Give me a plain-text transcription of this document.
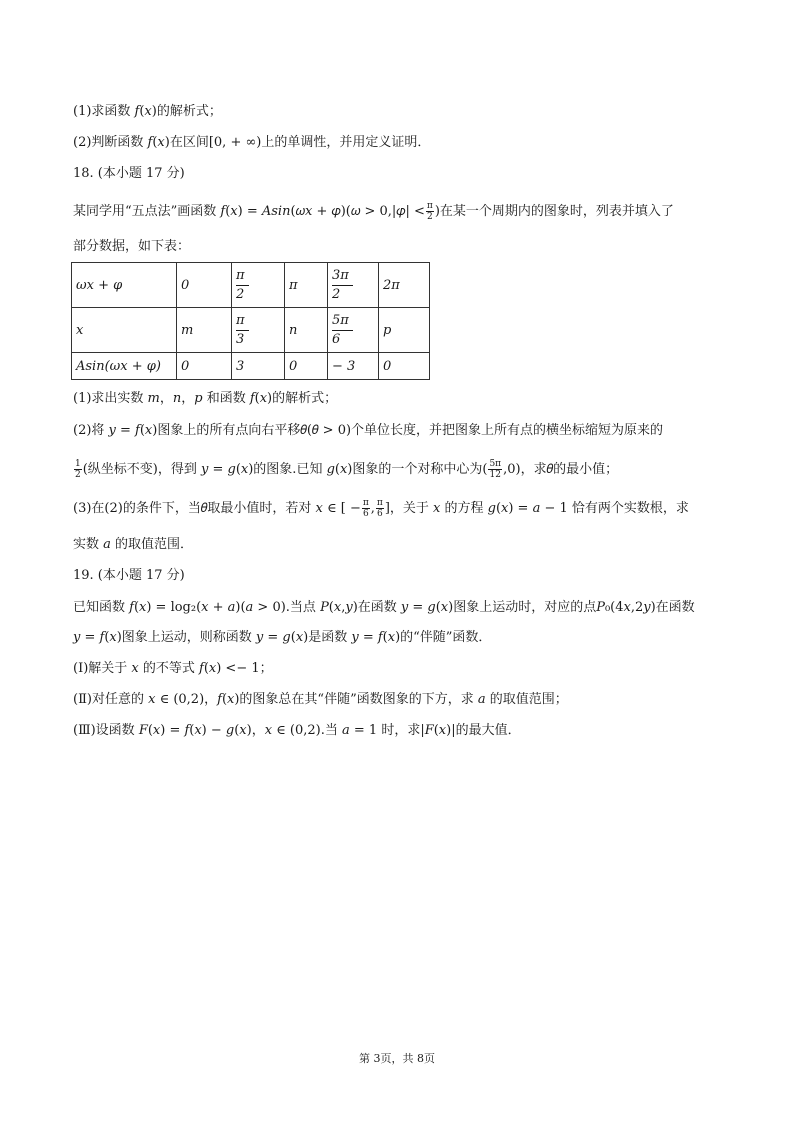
(1)求函数 𝑓(𝑥)的解析式；
(2)判断函数 𝑓(𝑥)在区间[0, + ∞)上的单调性，并用定义证明．
18. (本小题 17 分)
某同学用“五点法”画函数 𝑓(𝑥) = 𝐴𝑠𝑖𝑛(𝜔𝑥 + 𝜑)(𝜔 > 0,|𝜑| < $\frac{\pi}{2}$ )在某一个周期内的图象时，列表并填入了
部分数据，如下表：
𝜔𝑥 + 𝜑	0	$\frac{\pi}{2}$	π	$\frac{3\pi}{2}$	2π
𝑥	𝑚	$\frac{\pi}{3}$	𝑛	$\frac{5\pi}{6}$	𝑝
𝐴𝑠𝑖𝑛(𝜔𝑥 + 𝜑)	0	3	0	− 3	0
(1)求出实数 𝑚，𝑛，𝑝 和函数 𝑓(𝑥)的解析式；
(2)将 𝑦 = 𝑓(𝑥)图象上的所有点向右平移𝜃(𝜃 > 0)个单位长度，并把图象上所有点的横坐标缩短为原来的
$\frac{1}{2}$ (纵坐标不变)，得到 𝑦 = 𝑔(𝑥)的图象.已知 𝑔(𝑥)图象的一个对称中心为( $\frac{5\pi}{12} ,0$)，求𝜃的最小值；
(3)在(2)的条件下，当𝜃取最小值时，若对 𝑥 ∈ [ − $\frac{\pi}{6}$ , $\frac{\pi}{6}$ ]，关于 𝑥 的方程 𝑔(𝑥) = 𝑎 − 1 恰有两个实数根，求
实数 𝑎 的取值范围．
19. (本小题 17 分)
已知函数 𝑓(𝑥) = log₂(𝑥 + 𝑎)(𝑎 > 0).当点 𝑃(𝑥,𝑦)在函数 𝑦 = 𝑔(𝑥)图象上运动时，对应的点𝑃₀(4𝑥,2𝑦)在函数
𝑦 = 𝑓(𝑥)图象上运动，则称函数 𝑦 = 𝑔(𝑥)是函数 𝑦 = 𝑓(𝑥)的“伴随”函数．
(Ⅰ)解关于 𝑥 的不等式 𝑓(𝑥) <− 1；
(Ⅱ)对任意的 𝑥 ∈ (0,2)，𝑓(𝑥)的图象总在其“伴随”函数图象的下方，求 𝑎 的取值范围；
(Ⅲ)设函数 𝐹(𝑥) = 𝑓(𝑥) − 𝑔(𝑥)，𝑥 ∈ (0,2).当 𝑎 = 1 时，求|𝐹(𝑥)|的最大值．
第 3页，共 8页
